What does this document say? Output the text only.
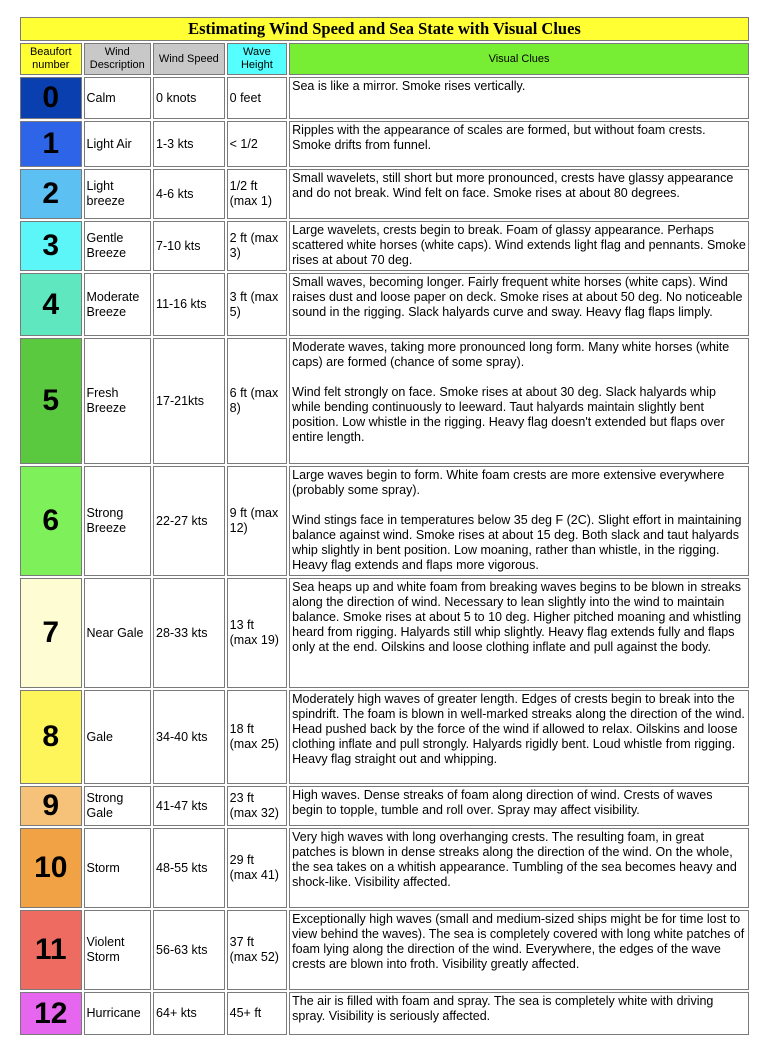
Estimating Wind Speed and Sea State with Visual Clues				
Beaufort number	Wind Description	Wind Speed	Wave Height	Visual Clues
0	Calm	0 knots	0 feet	Sea is like a mirror. Smoke rises vertically.

1	Light Air	1-3 kts	< 1/2	Ripples with the appearance of scales are formed, but without foam crests. Smoke drifts from funnel.

2	Light breeze	4-6 kts	1/2 ft (max 1)	Small wavelets, still short but more pronounced, crests have glassy appearance and do not break. Wind felt on face. Smoke rises at about 80 degrees.

3	Gentle Breeze	7-10 kts	2 ft (max 3)	Large wavelets, crests begin to break. Foam of glassy appearance. Perhaps scattered white horses (white caps). Wind extends light flag and pennants. Smoke rises at about 70 deg.

4	Moderate Breeze	11-16 kts	3 ft (max 5)	Small waves, becoming longer. Fairly frequent white horses (white caps). Wind raises dust and loose paper on deck. Smoke rises at about 50 deg. No noticeable sound in the rigging. Slack halyards curve and sway. Heavy flag flaps limply.

5	Fresh Breeze	17-21kts	6 ft (max 8)	Moderate waves, taking more pronounced long form. Many white horses (white caps) are formed (chance of some spray).
Wind felt strongly on face. Smoke rises at about 30 deg. Slack halyards whip while bending continuously to leeward. Taut halyards maintain slightly bent position. Low whistle in the rigging. Heavy flag doesn't extended but flaps over entire length.

6	Strong Breeze	22-27 kts	9 ft (max 12)	Large waves begin to form. White foam crests are more extensive everywhere (probably some spray).
Wind stings face in temperatures below 35 deg F (2C). Slight effort in maintaining balance against wind. Smoke rises at about 15 deg. Both slack and taut halyards whip slightly in bent position. Low moaning, rather than whistle, in the rigging. Heavy flag extends and flaps more vigorous.

7	Near Gale	28-33 kts	13 ft (max 19)	Sea heaps up and white foam from breaking waves begins to be blown in streaks along the direction of wind. Necessary to lean slightly into the wind to maintain balance. Smoke rises at about 5 to 10 deg. Higher pitched moaning and whistling heard from rigging. Halyards still whip slightly. Heavy flag extends fully and flaps only at the end. Oilskins and loose clothing inflate and pull against the body.

8	Gale	34-40 kts	18 ft (max 25)	Moderately high waves of greater length. Edges of crests begin to break into the spindrift. The foam is blown in well-marked streaks along the direction of the wind. Head pushed back by the force of the wind if allowed to relax. Oilskins and loose clothing inflate and pull strongly. Halyards rigidly bent. Loud whistle from rigging. Heavy flag straight out and whipping.

9	Strong Gale	41-47 kts	23 ft (max 32)	High waves. Dense streaks of foam along direction of wind. Crests of waves begin to topple, tumble and roll over. Spray may affect visibility.

10	Storm	48-55 kts	29 ft (max 41)	Very high waves with long overhanging crests. The resulting foam, in great patches is blown in dense streaks along the direction of the wind. On the whole, the sea takes on a whitish appearance. Tumbling of the sea becomes heavy and shock-like. Visibility affected.

11	Violent Storm	56-63 kts	37 ft (max 52)	Exceptionally high waves (small and medium-sized ships might be for time lost to view behind the waves). The sea is completely covered with long white patches of foam lying along the direction of the wind. Everywhere, the edges of the wave crests are blown into froth. Visibility greatly affected.

12	Hurricane	64+ kts	45+ ft	The air is filled with foam and spray. The sea is completely white with driving spray. Visibility is seriously affected.
